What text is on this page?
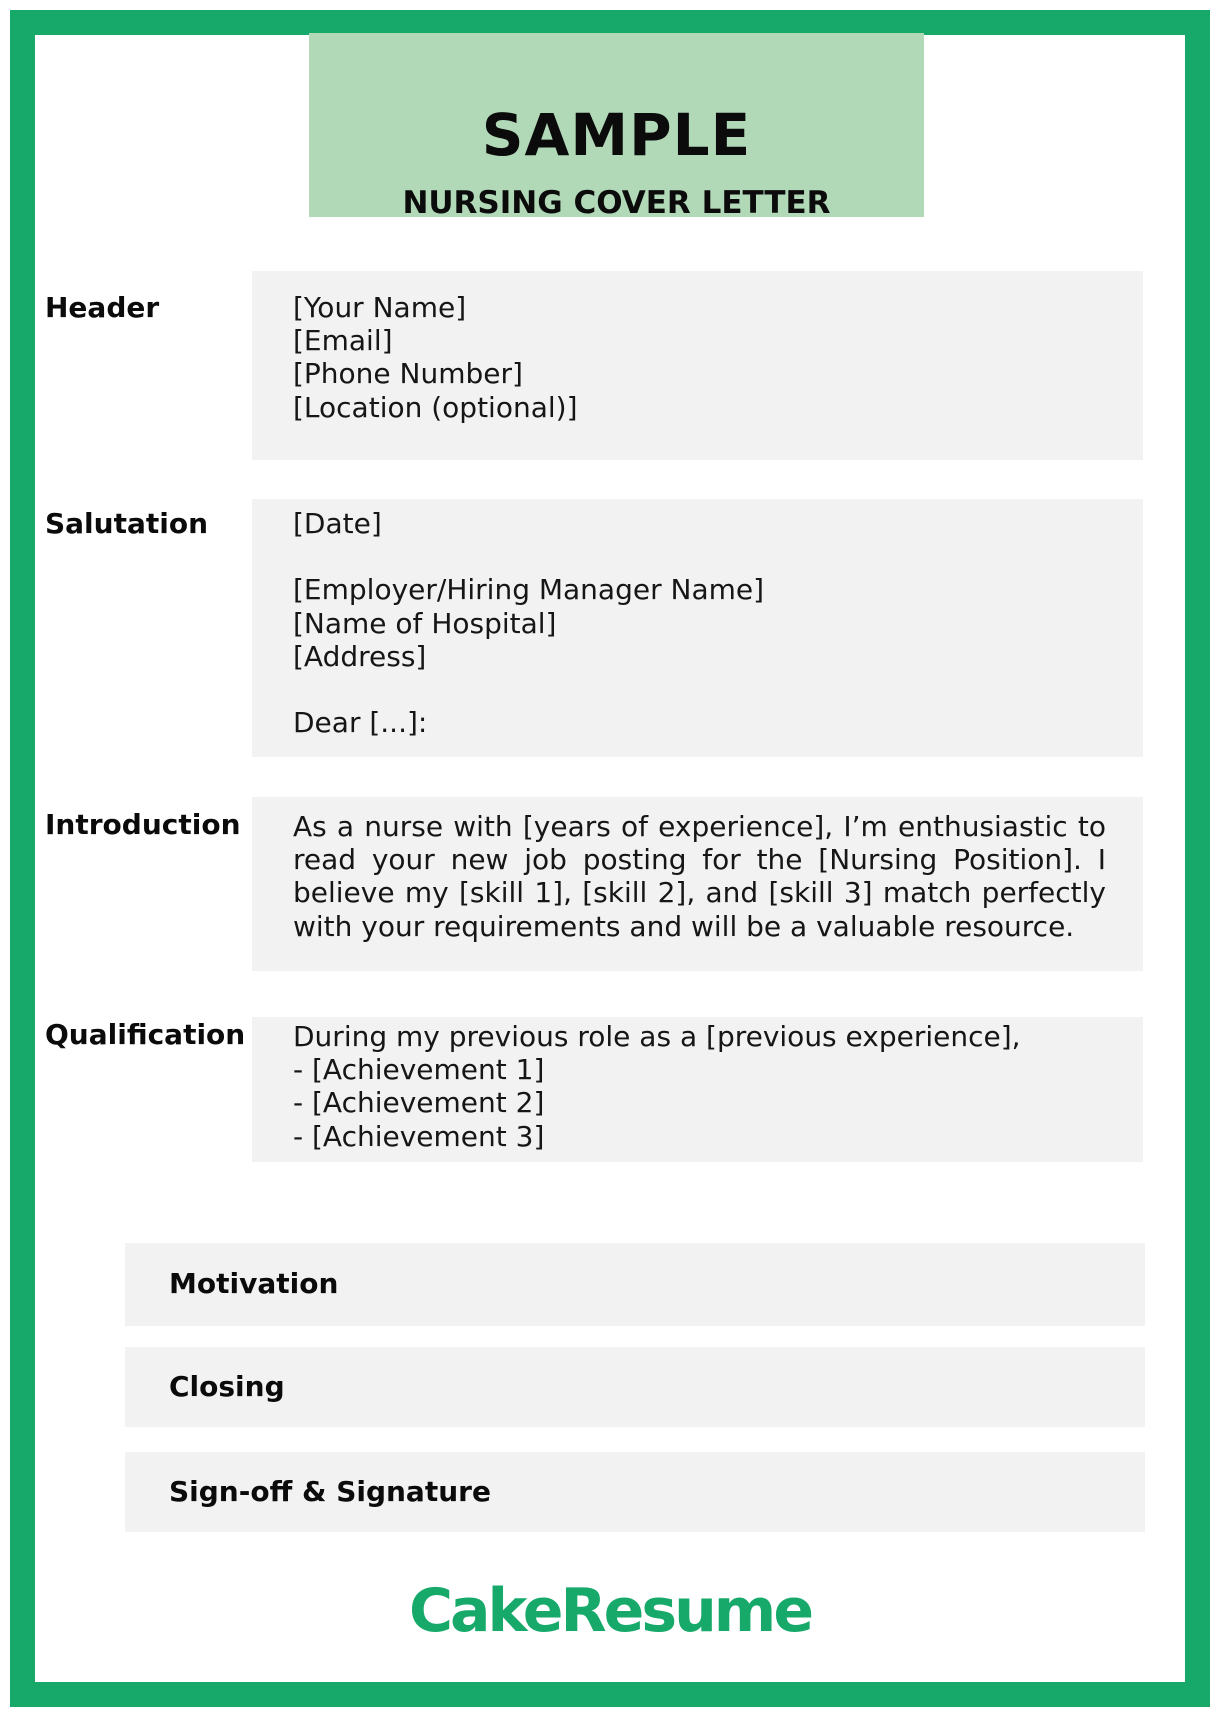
SAMPLE
NURSING COVER LETTER
Header	[Your Name]
[Email]
[Phone Number]
[Location (optional)]
Salutation	[Date]
[Employer/Hiring Manager Name]
[Name of Hospital]
[Address]
Dear [...]:
Introduction As a nurse with [years of experience], I’m enthusiastic to read your new job posting for the [Nursing Position]. I believe my [skill 1], [skill 2], and [skill 3] match perfectly with your requirements and will be a valuable resource.
Qualification During my previous role as a [previous experience],
- [Achievement 1]
- [Achievement 2]
- [Achievement 3]
Motivation
Closing
Sign-off & Signature
CakeResume
